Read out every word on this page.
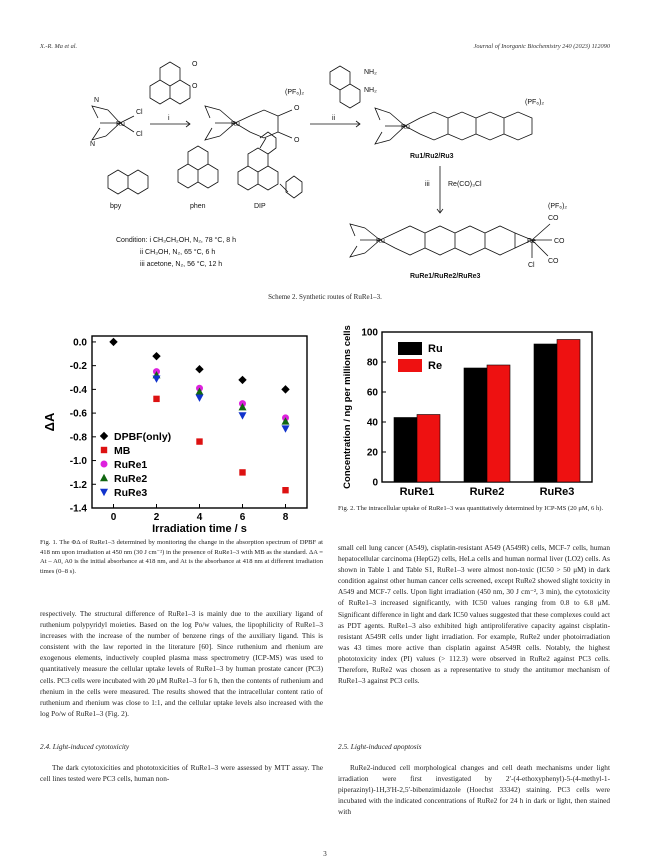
X.-R. Ma et al.	Journal of Inorganic Biochemistry 240 (2023) 112090
Ru
Cl
Cl
N
N
i
O
O
Ru
O
O
(PF₆)₂
ii
NH₂
NH₂
Ru
(PF₆)₂
Ru1/Ru2/Ru3
iii	Re(CO)₃Cl
bpy	phen	DIP
Condition: i CH₃CH₂OH, N₂, 78 °C, 8 h
ii CH₃OH, N₂, 65 °C, 6 h
iii acetone, N₂, 56 °C, 12 h
Ru	Re
CO
CO
CO
Cl
(PF₆)₂
RuRe1/RuRe2/RuRe3
Scheme 2. Synthetic routes of RuRe1–3.
0.0
-0.2
-0.4
-0.6
-0.8
-1.0
-1.2
-1.4
0	2	4	6	8
Irradiation time / s
ΔA
DPBF(only)
MB
RuRe1
RuRe2
RuRe3
Fig. 1. The ΦΔ of RuRe1–3 determined by monitoring the change in the absorption spectrum of DPBF at 418 nm upon irradiation at 450 nm (30 J cm⁻²) in the presence of RuRe1–3 with MB as the standard. ΔA = At – A0, A0 is the initial absorbance at 418 nm, and At is the absorbance at 418 nm at different irradiation times (0–8 s).
0
20
40
60
80
100
RuRe1	RuRe2	RuRe3
Concentration / ng per millions cells	Ru
Re
Fig. 2. The intracellular uptake of RuRe1–3 was quantitatively determined by ICP-MS (20 μM, 6 h).
respectively. The structural difference of RuRe1–3 is mainly due to the auxiliary ligand of ruthenium polypyridyl moieties. Based on the log Po/w values, the lipophilicity of RuRe1–3 increases with the increase of the number of benzene rings of the auxiliary ligand. This is consistent with the law reported in the literature [60]. Since ruthenium and rhenium are exogenous elements, inductively coupled plasma mass spectrometry (ICP-MS) was used to quantitatively measure the cellular uptake levels of RuRe1–3 by human prostate cancer (PC3) cells. PC3 cells were incubated with 20 μM RuRe1–3 for 6 h, then the contents of ruthenium and rhenium in the cells were measured. The results showed that the intracellular content ratio of ruthenium and rhenium was close to 1:1, and the cellular uptake levels also increased with the log Po/w of RuRe1–3 (Fig. 2).
2.4. Light-induced cytotoxicity
The dark cytotoxicities and phototoxicities of RuRe1–3 were assessed by MTT assay. The cell lines tested were PC3 cells, human non-
small cell lung cancer (A549), cisplatin-resistant A549 (A549R) cells, MCF-7 cells, human hepatocellular carcinoma (HepG2) cells, HeLa cells and human normal liver (LO2) cells. As shown in Table 1 and Table S1, RuRe1–3 were almost non-toxic (IC50 > 50 μM) in dark condition against other human cancer cells screened, except RuRe2 showed slight toxicity in A549 and MCF-7 cells. Upon light irradiation (450 nm, 30 J cm⁻², 3 min), the cytotoxicity of RuRe1–3 increased significantly, with IC50 values ranging from 0.8 to 6.8 μM. Significant difference in light and dark IC50 values suggested that these complexes could act as PDT agents. RuRe1–3 also exhibited high antiproliferative capacity against cisplatin-resistant A549R cells under light irradiation. For example, RuRe2 under photoirradiation was 43 times more active than cisplatin against A549R cells. Notably, the highest phototoxicity index (PI) values (> 112.3) were observed in RuRe2 against PC3 cells. Therefore, RuRe2 was chosen as a representative to study the antitumor mechanism of RuRe1–3 against PC3 cells.
2.5. Light-induced apoptosis
RuRe2-induced cell morphological changes and cell death mechanisms under light irradiation were first investigated by 2′-(4-ethoxyphenyl)-5-(4-methyl-1-piperazinyl)-1H,3′H-2,5′-bibenzimidazole (Hoechst 33342) staining. PC3 cells were incubated with the indicated concentrations of RuRe2 for 24 h in dark or light, then stained with
3
